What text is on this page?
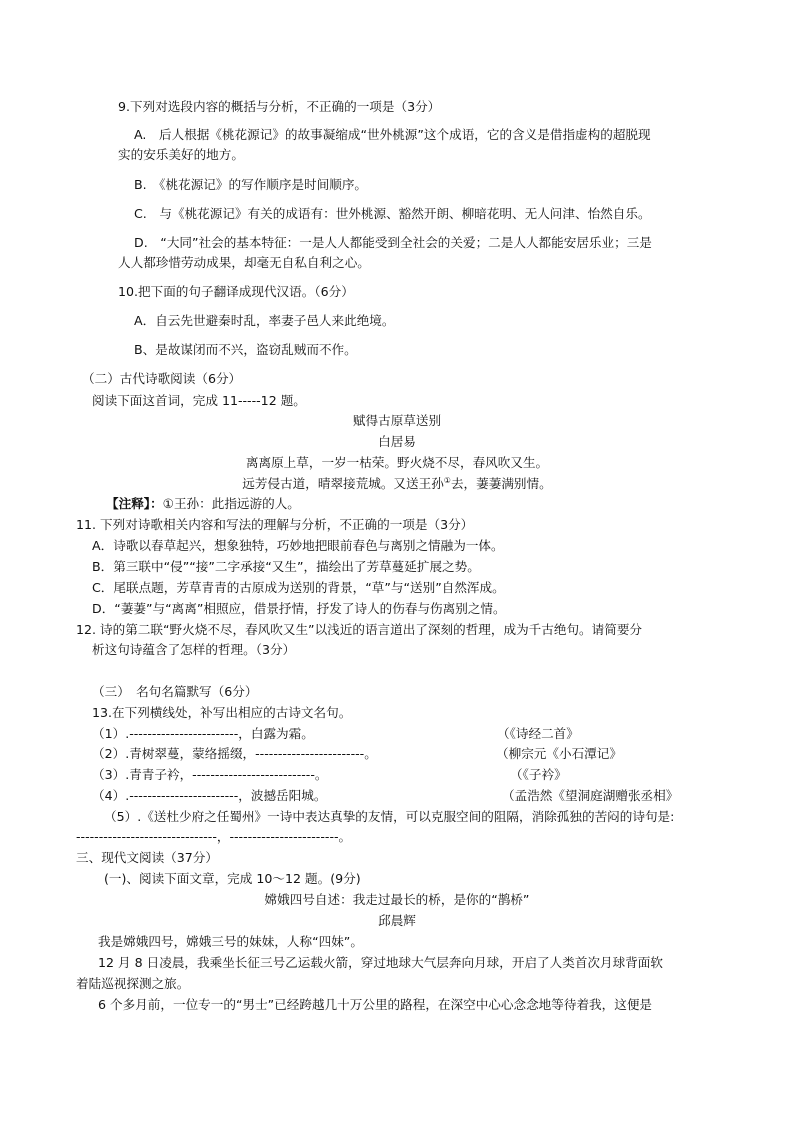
9.下列对选段内容的概括与分析，不正确的一项是（3分）
A.　后人根据《桃花源记》的故事凝缩成“世外桃源”这个成语，它的含义是借指虚构的超脱现
实的安乐美好的地方。
B.　《桃花源记》的写作顺序是时间顺序。
C.　与《桃花源记》有关的成语有：世外桃源、豁然开朗、柳暗花明、无人问津、怡然自乐。
D.　“大同”社会的基本特征：一是人人都能受到全社会的关爱；二是人人都能安居乐业；三是
人人都珍惜劳动成果，却毫无自私自利之心。
10.把下面的句子翻译成现代汉语。（6分）
A．自云先世避秦时乱，率妻子邑人来此绝境。
B、是故谋闭而不兴，盗窃乱贼而不作。
（二）古代诗歌阅读（6分）
阅读下面这首词，完成 11-----12 题。
赋得古原草送别
白居易
离离原上草，一岁一枯荣。野火烧不尽，春风吹又生。
远芳侵古道，晴翠接荒城。又送王孙①去，萋萋满别情。
【注释】：①王孙：此指远游的人。
11. 下列对诗歌相关内容和写法的理解与分析，不正确的一项是（3分）
A．诗歌以春草起兴，想象独特，巧妙地把眼前春色与离别之情融为一体。
B．第三联中“侵”“接”二字承接“又生”，描绘出了芳草蔓延扩展之势。
C．尾联点题，芳草青青的古原成为送别的背景，“草”与“送别”自然浑成。
D．“萋萋”与“离离”相照应，借景抒情，抒发了诗人的伤春与伤离别之情。
12. 诗的第二联“野火烧不尽，春风吹又生”以浅近的语言道出了深刻的哲理，成为千古绝句。请简要分
析这句诗蕴含了怎样的哲理。（3分）
（三）　名句名篇默写（6分）
13.在下列横线处，补写出相应的古诗文名句。
（1）.------------------------，白露为霜。	（《诗经二首》
（2）.青树翠蔓，蒙络摇缀，------------------------。	（柳宗元《小石潭记》
（3）.青青子衿，---------------------------。	（《子衿》
（4）.------------------------，波撼岳阳城。	（孟浩然《望洞庭湖赠张丞相》
（5）.《送杜少府之任蜀州》一诗中表达真挚的友情，可以克服空间的阻隔，消除孤独的苦闷的诗句是:
-------------------------------，------------------------。
三、现代文阅读（37分）
(一)、阅读下面文章，完成 10～12 题。(9分)
嫦娥四号自述：我走过最长的桥，是你的“鹊桥”
邱晨辉
我是嫦娥四号，嫦娥三号的妹妹，人称“四妹”。
12 月 8 日凌晨，我乘坐长征三号乙运载火箭，穿过地球大气层奔向月球，开启了人类首次月球背面软
着陆巡视探测之旅。
6 个多月前，一位专一的“男士”已经跨越几十万公里的路程，在深空中心心念念地等待着我，这便是
